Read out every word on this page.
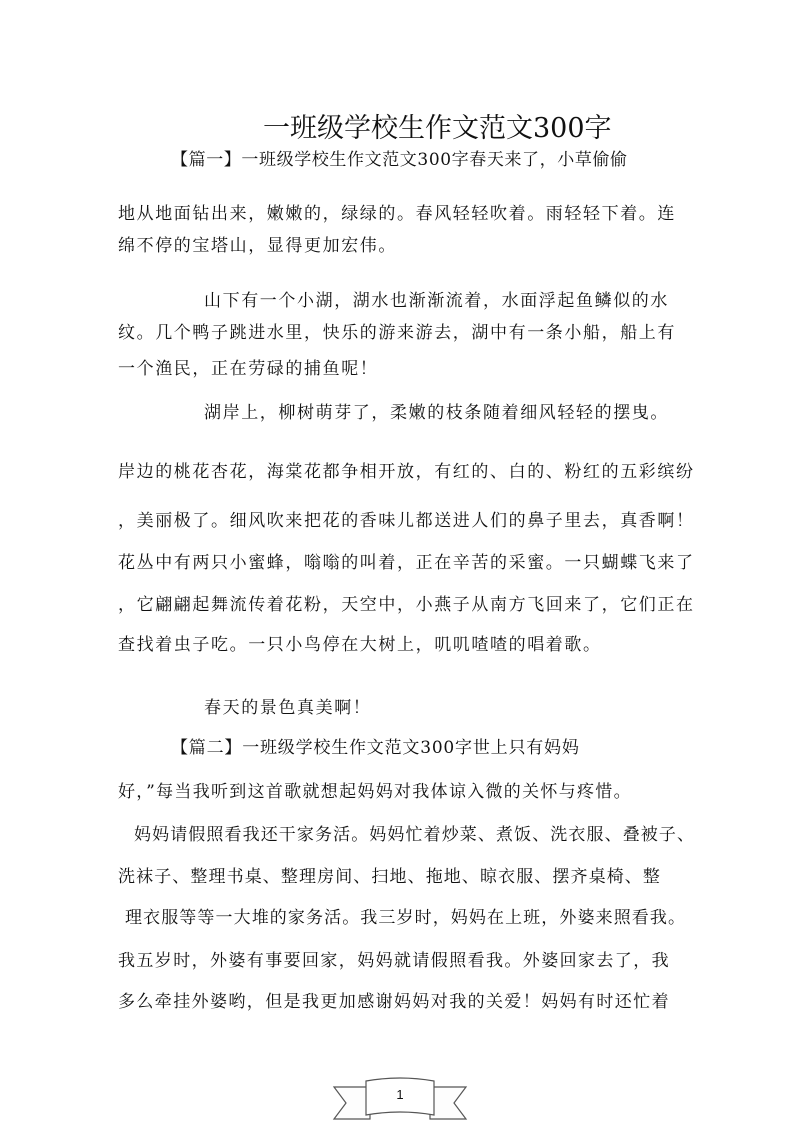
一班级学校生作文范文300字
【篇一】一班级学校生作文范文300字春天来了，小草偷偷
地从地面钻出来，嫩嫩的，绿绿的。春风轻轻吹着。雨轻轻下着。连
绵不停的宝塔山，显得更加宏伟。
山下有一个小湖，湖水也渐渐流着，水面浮起鱼鳞似的水
纹。几个鸭子跳进水里，快乐的游来游去，湖中有一条小船，船上有
一个渔民，正在劳碌的捕鱼呢！
湖岸上，柳树萌芽了，柔嫩的枝条随着细风轻轻的摆曳。
岸边的桃花杏花，海棠花都争相开放，有红的、白的、粉红的五彩缤纷
，美丽极了。细风吹来把花的香味儿都送进人们的鼻子里去，真香啊！
花丛中有两只小蜜蜂，嗡嗡的叫着，正在辛苦的采蜜。一只蝴蝶飞来了
，它翩翩起舞流传着花粉，天空中，小燕子从南方飞回来了，它们正在
查找着虫子吃。一只小鸟停在大树上，叽叽喳喳的唱着歌。
春天的景色真美啊！
【篇二】一班级学校生作文范文300字世上只有妈妈
好，”每当我听到这首歌就想起妈妈对我体谅入微的关怀与疼惜。
妈妈请假照看我还干家务活。妈妈忙着炒菜、煮饭、洗衣服、叠被子、
洗袜子、整理书桌、整理房间、扫地、拖地、晾衣服、摆齐桌椅、整
理衣服等等一大堆的家务活。我三岁时，妈妈在上班，外婆来照看我。
我五岁时，外婆有事要回家，妈妈就请假照看我。外婆回家去了，我
多么牵挂外婆哟，但是我更加感谢妈妈对我的关爱！妈妈有时还忙着
1
